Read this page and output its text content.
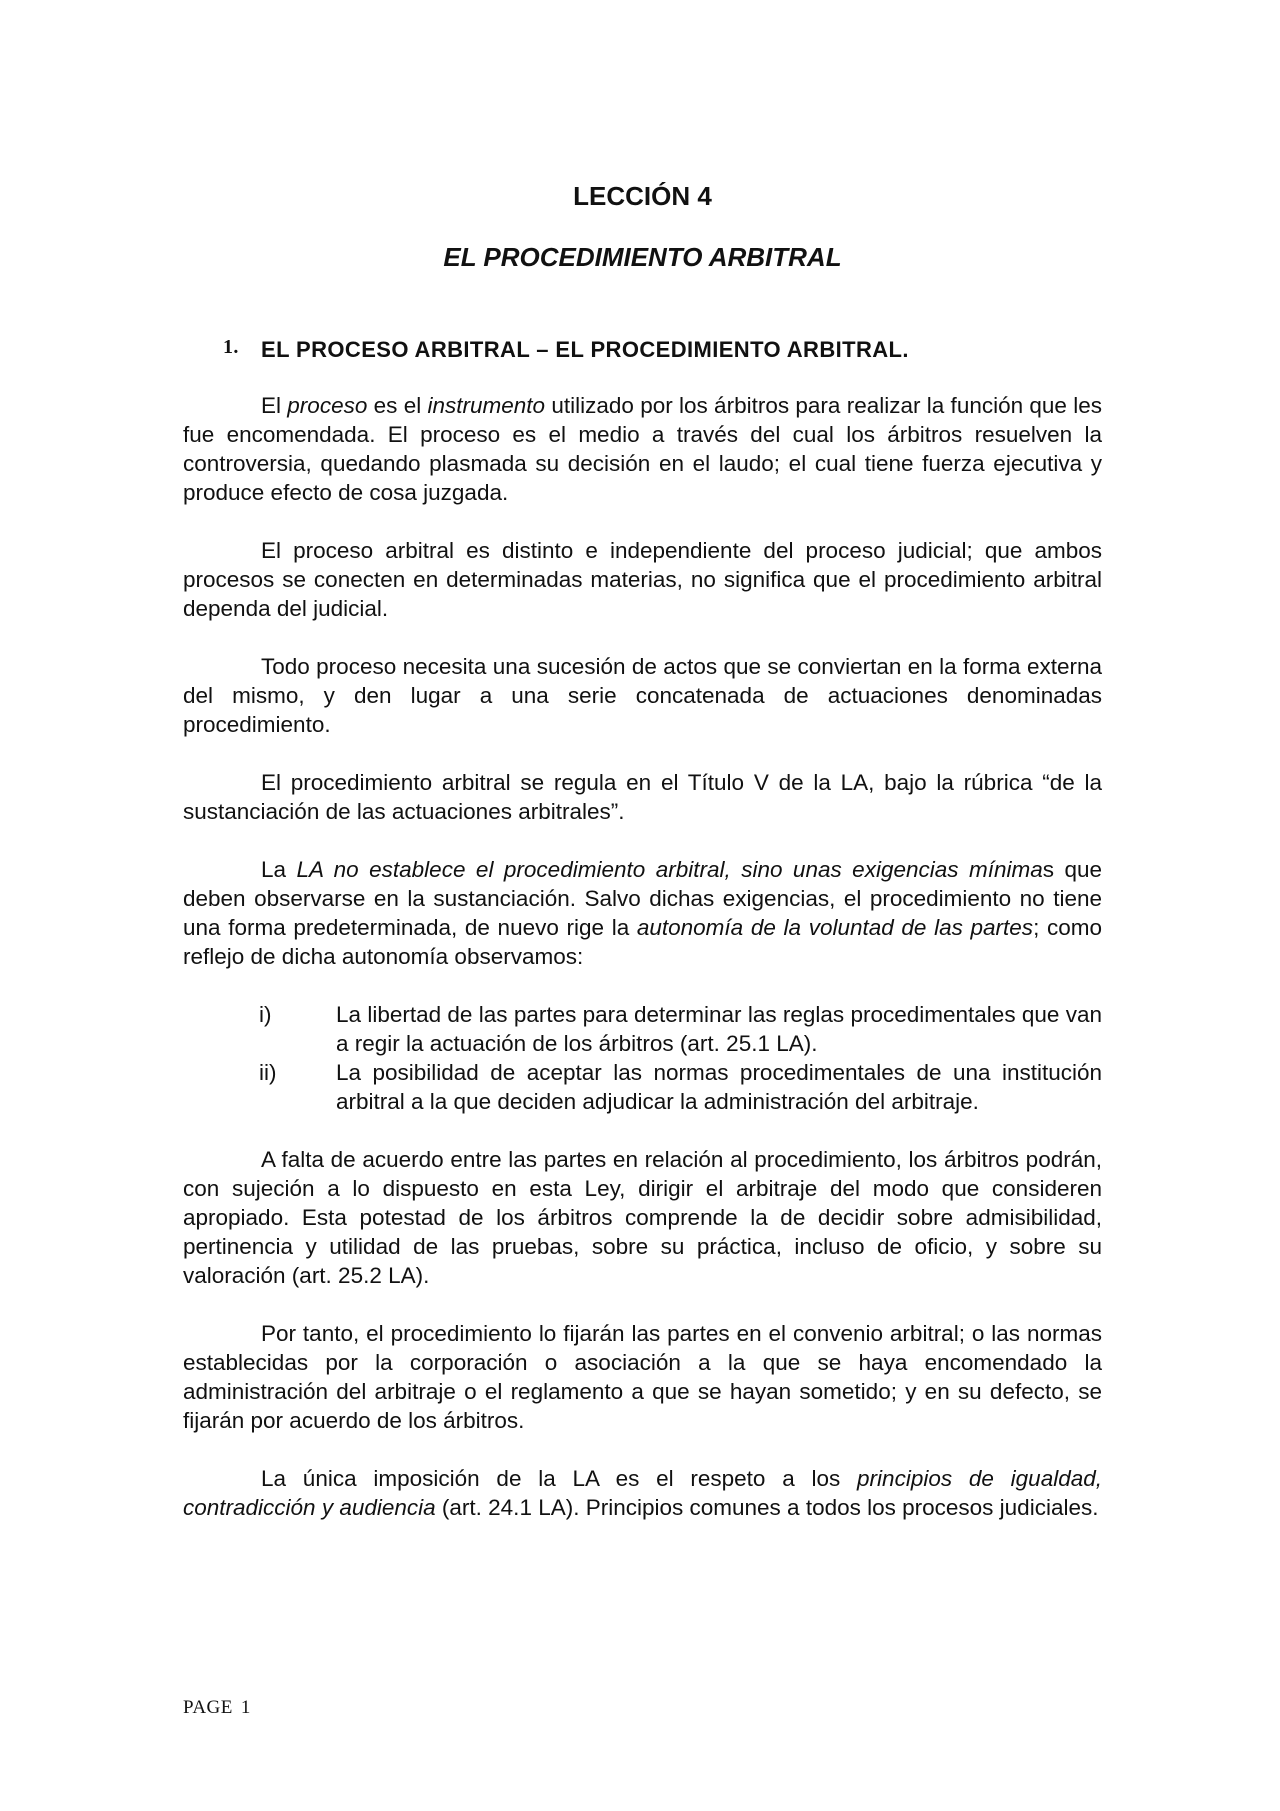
LECCIÓN 4
EL PROCEDIMIENTO ARBITRAL
1. EL PROCESO ARBITRAL – EL PROCEDIMIENTO ARBITRAL.

El proceso es el instrumento utilizado por los árbitros para realizar la función que les fue encomendada. El proceso es el medio a través del cual los árbitros resuelven la controversia, quedando plasmada su decisión en el laudo; el cual tiene fuerza ejecutiva y produce efecto de cosa juzgada.

El proceso arbitral es distinto e independiente del proceso judicial; que ambos procesos se conecten en determinadas materias, no significa que el procedimiento arbitral dependa del judicial.

Todo proceso necesita una sucesión de actos que se conviertan en la forma externa del mismo, y den lugar a una serie concatenada de actuaciones denominadas procedimiento.

El procedimiento arbitral se regula en el Título V de la LA, bajo la rúbrica “de la sustanciación de las actuaciones arbitrales”.

La LA no establece el procedimiento arbitral, sino unas exigencias mínimas que deben observarse en la sustanciación. Salvo dichas exigencias, el procedimiento no tiene una forma predeterminada, de nuevo rige la autonomía de la voluntad de las partes; como reflejo de dicha autonomía observamos:

i)	La libertad de las partes para determinar las reglas procedimentales que van a regir la actuación de los árbitros (art. 25.1 LA).
ii)	La posibilidad de aceptar las normas procedimentales de una institución arbitral a la que deciden adjudicar la administración del arbitraje.

A falta de acuerdo entre las partes en relación al procedimiento, los árbitros podrán, con sujeción a lo dispuesto en esta Ley, dirigir el arbitraje del modo que consideren apropiado. Esta potestad de los árbitros comprende la de decidir sobre admisibilidad, pertinencia y utilidad de las pruebas, sobre su práctica, incluso de oficio, y sobre su valoración (art. 25.2 LA).

Por tanto, el procedimiento lo fijarán las partes en el convenio arbitral; o las normas establecidas por la corporación o asociación a la que se haya encomendado la administración del arbitraje o el reglamento a que se hayan sometido; y en su defecto, se fijarán por acuerdo de los árbitros.

La única imposición de la LA es el respeto a los principios de igualdad, contradicción y audiencia (art. 24.1 LA). Principios comunes a todos los procesos judiciales.

PAGE 1
